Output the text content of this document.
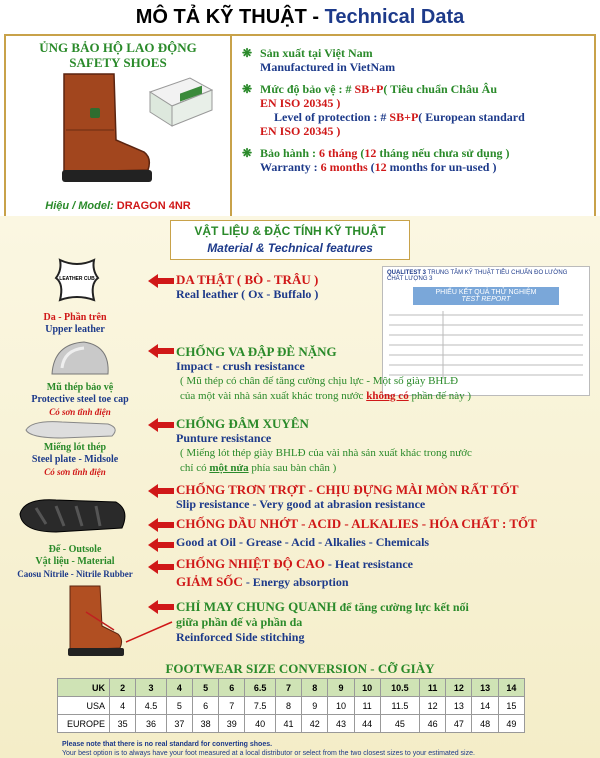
MÔ TẢ KỸ THUẬT - Technical Data
ỦNG BẢO HỘ LAO ĐỘNG
SAFETY SHOES
Hiệu / Model: DRAGON 4NR
❋ Sản xuất tại Việt Nam
Manufactured in VietNam
❋ Mức độ bảo vệ : # SB+P( Tiêu chuẩn Châu Âu
EN ISO 20345 )
Level of protection : # SB+P( European standard
EN ISO 20345 )
❋ Bảo hành : 6 tháng (12 tháng nếu chưa sử dụng )
Warranty : 6 months (12 months for un-used )
VẬT LIỆU & ĐẶC TÍNH KỸ THUẬT
Material & Technical features
LEATHER CUB
Da - Phần trên
Upper leather
Mũ thép bảo vệ
Protective steel toe cap
Có sơn tĩnh điện
Miếng lót thép
Steel plate - Midsole
Có sơn tĩnh điện
Đế - Outsole
Vật liệu - Material
Caosu Nitrile - Nitrile Rubber
QUALITEST 3 TRUNG TÂM KỸ THUẬT TIÊU CHUẨN ĐO LƯỜNG CHẤT LƯỢNG 3
PHIẾU KẾT QUẢ THỬ NGHIỆM
TEST REPORT
DA THẬT ( BÒ - TRÂU )
Real leather ( Ox - Buffalo )
CHỐNG VA ĐẬP ĐÈ NẶNG
Impact - crush resistance
( Mũ thép có chân đế tăng cường chịu lực - Một số giày BHLĐ
của một vài nhà sản xuất khác trong nước không có phần đế này )
CHỐNG ĐÂM XUYÊN
Punture resistance
( Miếng lót thép giày BHLĐ của vài nhà sản xuất khác trong nước
chỉ có một nửa phía sau bàn chân )
CHỐNG TRƠN TRỢT - CHỊU ĐỰNG MÀI MÒN RẤT TỐT
Slip resistance - Very good at abrasion resistance
CHỐNG DẦU NHỚT - ACID - ALKALIES - HÓA CHẤT : TỐT
Good at Oil - Grease - Acid - Alkalies - Chemicals
CHỐNG NHIỆT ĐỘ CAO - Heat resistance
GIẢM SỐC - Energy absorption
CHỈ MAY CHUNG QUANH để tăng cường lực kết nối
giữa phần đế và phần da
Reinforced Side stitching
FOOTWEAR SIZE CONVERSION - CỠ GIÀY
UK	2	3	4	5	6	6.5	7	8	9	10	10.5	11	12	13	14
USA	4	4.5	5	6	7	7.5	8	9	10	11	11.5	12	13	14	15
EUROPE	35	36	37	38	39	40	41	42	43	44	45	46	47	48	49
Please note that there is no real standard for converting shoes.
Your best option is to always have your foot measured at a local distributor or select from the two closest sizes to your estimated size.
